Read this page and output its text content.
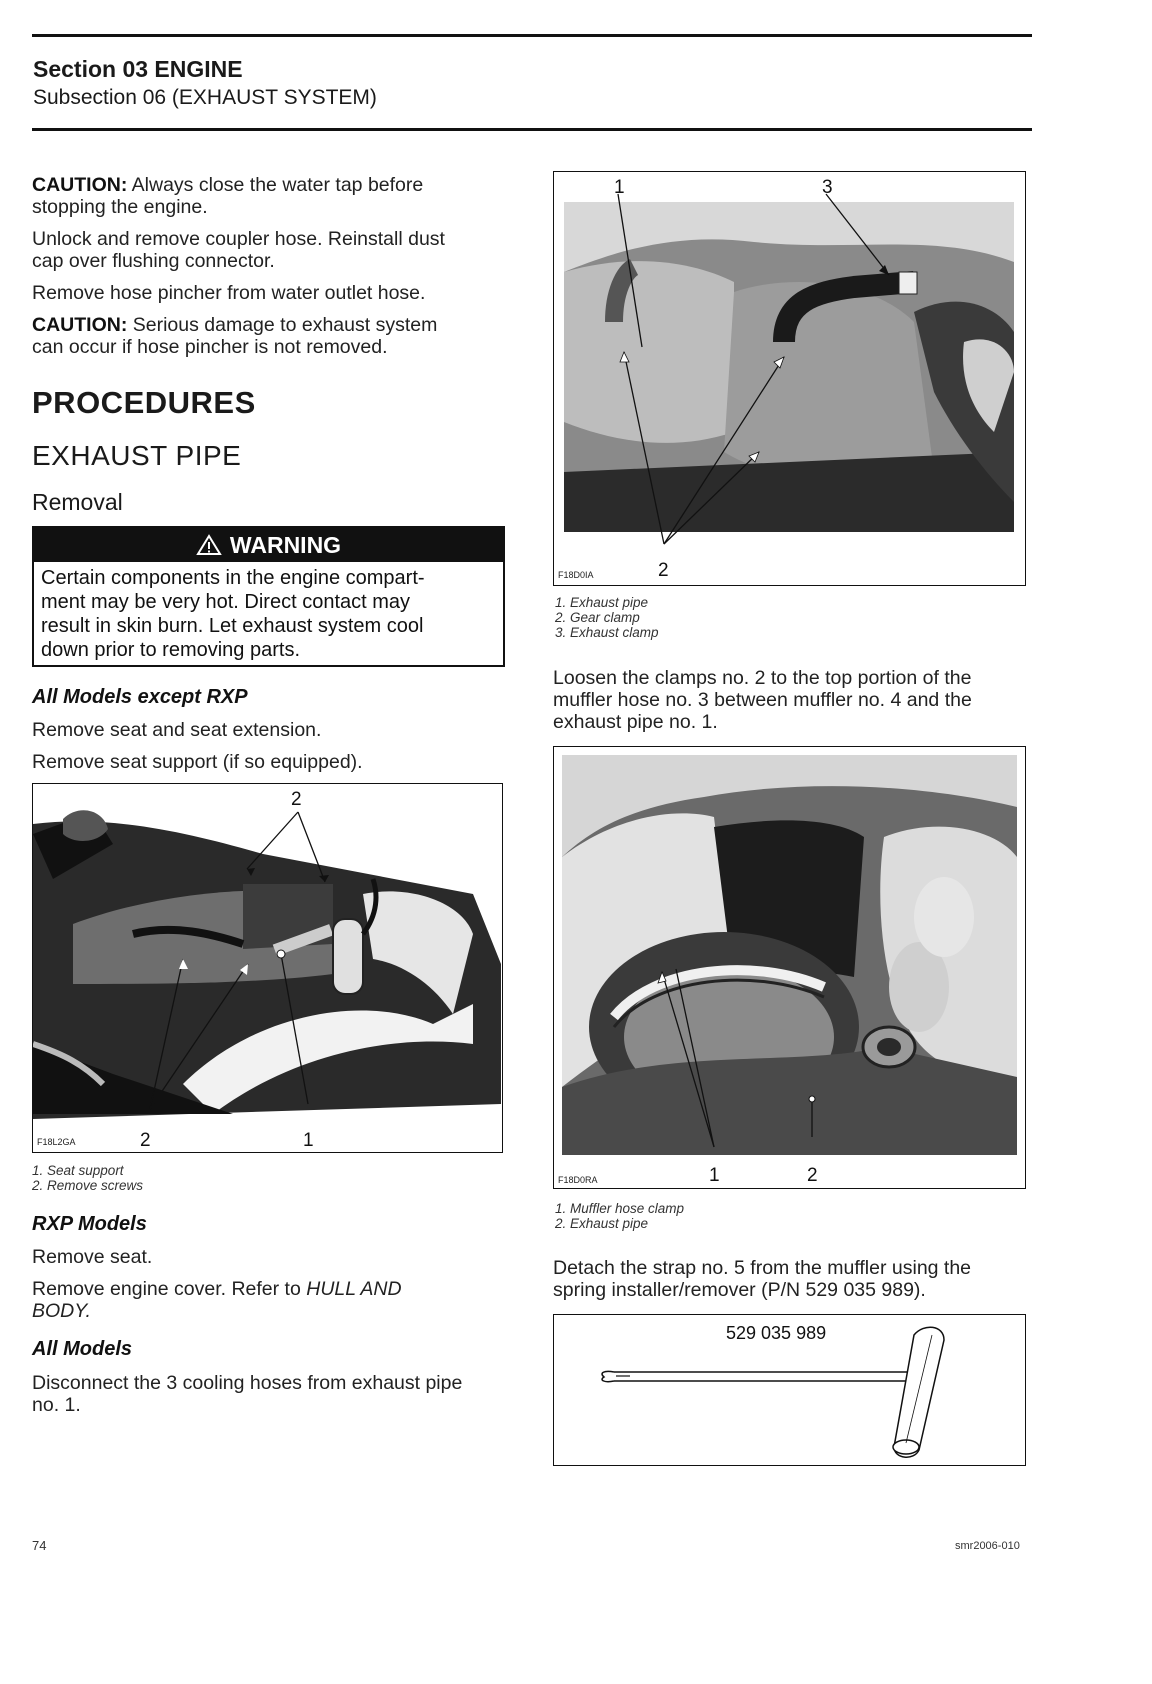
Section 03 ENGINE
Subsection 06 (EXHAUST SYSTEM)
CAUTION: Always close the water tap before
stopping the engine.
Unlock and remove coupler hose. Reinstall dust
cap over flushing connector.
Remove hose pincher from water outlet hose.
CAUTION: Serious damage to exhaust system
can occur if hose pincher is not removed.
PROCEDURES
EXHAUST PIPE
Removal
WARNING
Certain components in the engine compart-
ment may be very hot. Direct contact may
result in skin burn. Let exhaust system cool
down prior to removing parts.
All Models except RXP
Remove seat and seat extension.
Remove seat support (if so equipped).
2
2	1
F18L2GA
1. Seat support
2. Remove screws
RXP Models
Remove seat.
Remove engine cover. Refer to HULL AND
BODY.
All Models
Disconnect the 3 cooling hoses from exhaust pipe
no. 1.
1	3
2
F18D0IA
1. Exhaust pipe
2. Gear clamp
3. Exhaust clamp
Loosen the clamps no. 2 to the top portion of the
muffler hose no. 3 between muffler no. 4 and the
exhaust pipe no. 1.
1	2
F18D0RA
1. Muffler hose clamp
2. Exhaust pipe
Detach the strap no. 5 from the muffler using the
spring installer/remover (P/N 529 035 989).
529 035 989
74	smr2006-010
